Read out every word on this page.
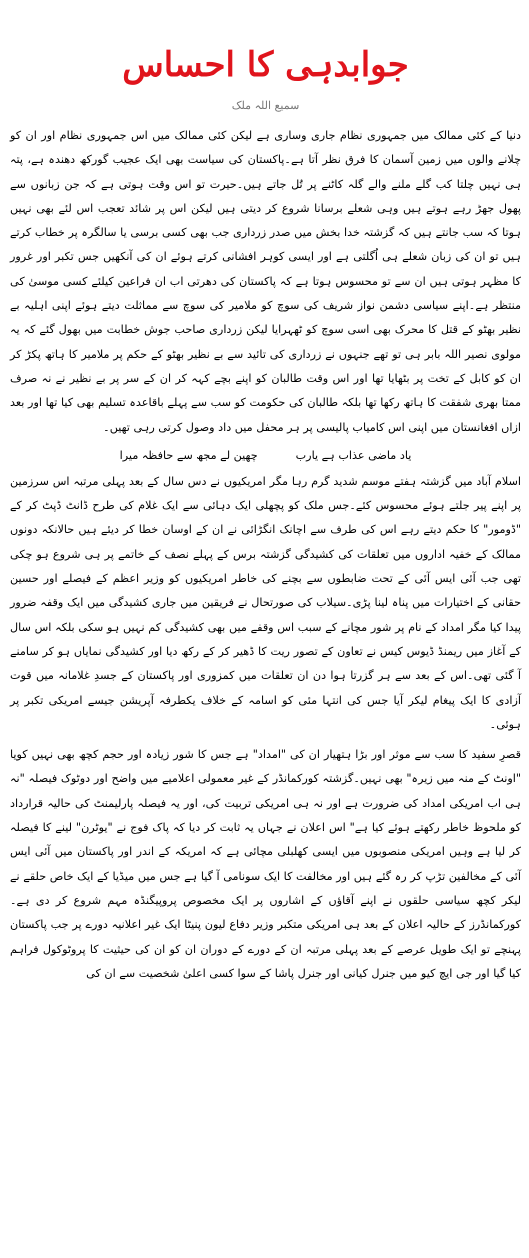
جوابدہی کا احساس
سمیع اللہ ملک

دنیا کے کئی ممالک میں جمہوری نظام جاری وساری ہے لیکن کئی ممالک میں اس جمہوری نظام اور ان کو چلانے والوں میں زمین آسمان کا فرق نظر آتا ہے۔پاکستان کی سیاست بھی ایک عجیب گورکھ دھندہ ہے، پتہ ہی نہیں چلتا کب گلے ملنے والے گلہ کاٹنے پر تُل جاتے ہیں۔حیرت تو اس وقت ہوتی ہے کہ جن زبانوں سے پھول جھڑ رہے ہوتے ہیں وہی شعلے برسانا شروع کر دیتی ہیں لیکن اس پر شائد تعجب اس لئے بھی نہیں ہوتا کہ سب جانتے ہیں کہ گزشتہ خدا بخش میں صدر زرداری جب بھی کسی برسی یا سالگرہ پر خطاب کرتے ہیں تو ان کی زبان شعلے ہی اُگلتی ہے اور ایسی کوہر افشانی کرتے ہوئے ان کی آنکھیں جس تکبر اور غرور کا مظہر ہوتی ہیں ان سے تو محسوس ہوتا ہے کہ پاکستان کی دھرتی اب ان فراعین کیلئے کسی موسیٰ کی منتظر ہے۔اپنے سیاسی دشمن نواز شریف کی سوچ کو ملامیر کی سوچ سے مماثلت دیتے ہوئے اپنی اہلیہ بے نظیر بھٹو کے قتل کا محرک بھی اسی سوچ کو ٹھہرایا لیکن زرداری صاحب جوش خطابت میں بھول گئے کہ یہ مولوی نصیر اللہ بابر ہی تو تھے جنہوں نے زرداری کی تائید سے بے نظیر بھٹو کے حکم پر ملامیر کا ہاتھ پکڑ کر ان کو کابل کے تخت پر بٹھایا تھا اور اس وقت طالبان کو اپنے بچے کہہ کر ان کے سر پر بے نظیر نے نہ صرف ممتا بھری شفقت کا ہاتھ رکھا تھا بلکہ طالبان کی حکومت کو سب سے پہلے باقاعدہ تسلیم بھی کیا تھا اور بعد ازاں افغانستان میں اپنی اس کامیاب پالیسی پر ہر محفل میں داد وصول کرتی رہی تھیں۔

یاد ماضی عذاب ہے یارب
چھین لے مجھ سے حافظہ میرا

اسلام آباد میں گزشتہ ہفتے موسم شدید گرم رہا مگر امریکیوں نے دس سال کے بعد پہلی مرتبہ اس سرزمین پر اپنے پیر جلتے ہوئے محسوس کئے۔جس ملک کو پچھلی ایک دہائی سے ایک غلام کی طرح ڈانٹ ڈپٹ کر کے "ڈومور" کا حکم دیتے رہے اس کی طرف سے اچانک انگڑائی نے ان کے اوسان خطا کر دیئے ہیں حالانکہ دونوں ممالک کے خفیہ اداروں میں تعلقات کی کشیدگی گزشتہ برس کے پہلے نصف کے خاتمے پر ہی شروع ہو چکی تھی جب آئی ایس آئی کے تحت ضابطوں سے بچنے کی خاطر امریکیوں کو وزیر اعظم کے فیصلے اور حسین حقانی کے اختیارات میں پناہ لینا پڑی۔سیلاب کی صورتحال نے فریقین میں جاری کشیدگی میں ایک وقفہ ضرور پیدا کیا مگر امداد کے نام پر شور مچانے کے سبب اس وقفے میں بھی کشیدگی کم نہیں ہو سکی بلکہ اس سال کے آغاز میں ریمنڈ ڈیوس کیس نے تعاون کے تصور ریت کا ڈھیر کر کے رکھ دیا اور کشیدگی نمایاں ہو کر سامنے آ گئی تھی۔اس کے بعد سے ہر گزرتا ہوا دن ان تعلقات میں کمزوری اور پاکستان کے جسدِ غلامانہ میں قوت آزادی کا ایک پیغام لیکر آیا جس کی انتہا مئی کو اسامہ کے خلاف یکطرفہ آپریشن جیسے امریکی تکبر پر ہوئی۔

قصرِ سفید کا سب سے موثر اور بڑا ہتھیار ان کی "امداد" ہے جس کا شور زیادہ اور حجم کچھ بھی نہیں کویا "اونٹ کے منہ میں زیرہ" بھی نہیں۔گزشتہ کورکمانڈر کے غیر معمولی اعلامیے میں واضح اور دوٹوک فیصلہ "نہ ہی اب امریکی امداد کی ضرورت ہے اور نہ ہی امریکی تربیت کی، اور یہ فیصلہ پارلیمنٹ کی حالیہ قرارداد کو ملحوظ خاطر رکھتے ہوئے کیا ہے" اس اعلان نے جہاں یہ ثابت کر دیا کہ پاک فوج نے "یوٹرن" لینے کا فیصلہ کر لیا ہے وہیں امریکی منصوبوں میں ایسی کھلبلی مچائی ہے کہ امریکہ کے اندر اور پاکستان میں آئی ایس آئی کے مخالفین تڑپ کر رہ گئے ہیں اور مخالفت کا ایک سونامی آ گیا ہے جس میں میڈیا کے ایک خاص حلقے نے لیکر کچھ سیاسی حلقوں نے اپنے آقاؤں کے اشاروں پر ایک مخصوص پروپیگنڈہ مہم شروع کر دی ہے۔کورکمانڈرز کے حالیہ اعلان کے بعد ہی امریکی متکبر وزیر دفاع لیون پنیٹا ایک غیر اعلانیہ دورے پر جب پاکستان پہنچے تو ایک طویل عرصے کے بعد پہلی مرتبہ ان کے دورے کے دوران ان کو ان کی حیثیت کا پروٹوکول فراہم کیا گیا اور جی ایچ کیو میں جنرل کیانی اور جنرل پاشا کے سوا کسی اعلیٰ شخصیت سے ان کی
